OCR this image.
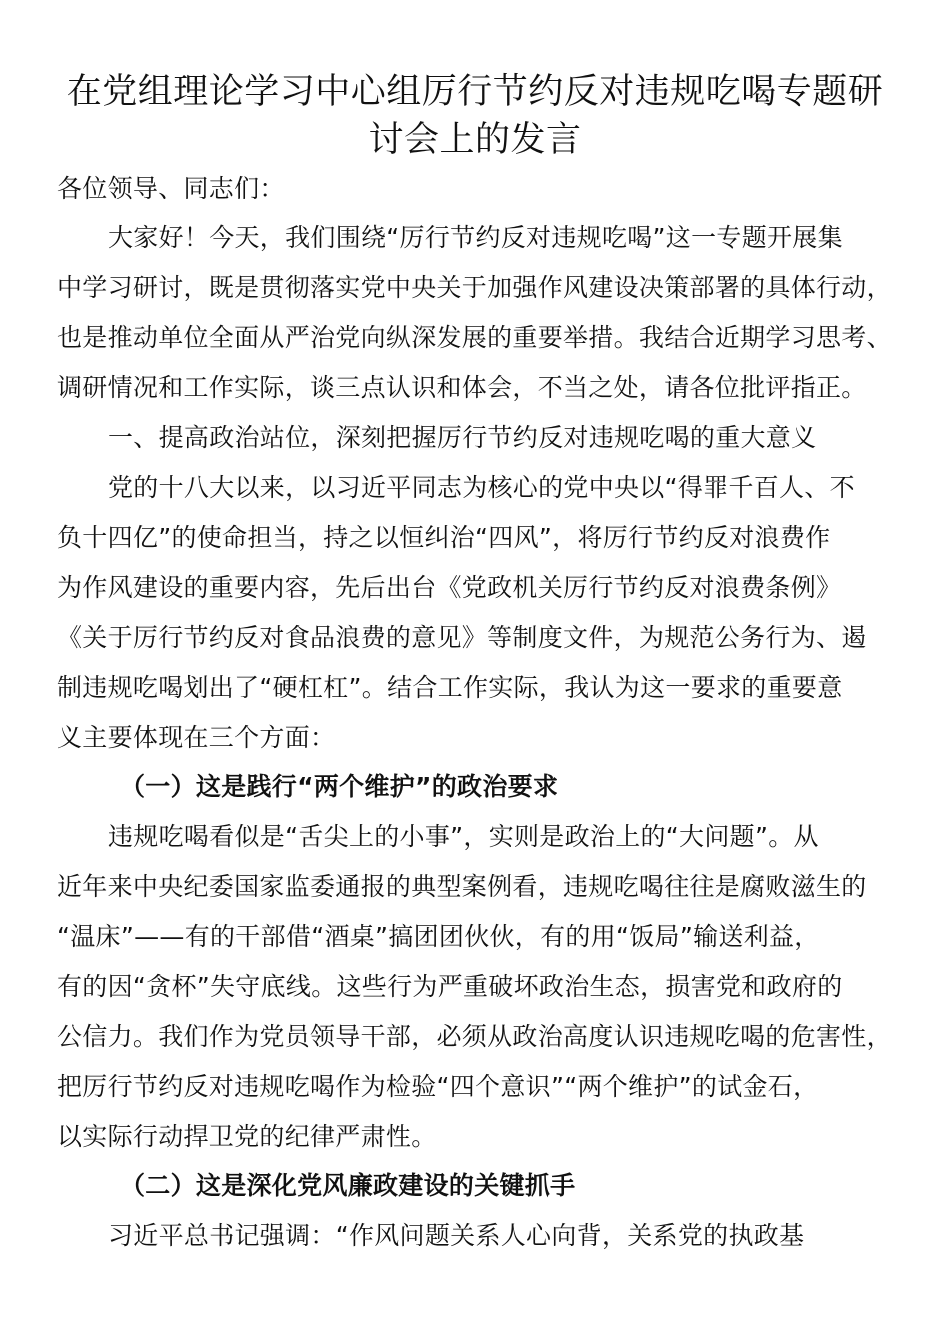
在党组理论学习中心组厉行节约反对违规吃喝专题研
讨会上的发言
各位领导、同志们：
大家好！今天，我们围绕“厉行节约反对违规吃喝”这一专题开展集
中学习研讨，既是贯彻落实党中央关于加强作风建设决策部署的具体行动，
也是推动单位全面从严治党向纵深发展的重要举措。我结合近期学习思考、
调研情况和工作实际，谈三点认识和体会，不当之处，请各位批评指正。
一、提高政治站位，深刻把握厉行节约反对违规吃喝的重大意义
党的十八大以来，以习近平同志为核心的党中央以“得罪千百人、不
负十四亿”的使命担当，持之以恒纠治“四风”，将厉行节约反对浪费作
为作风建设的重要内容，先后出台《党政机关厉行节约反对浪费条例》
《关于厉行节约反对食品浪费的意见》等制度文件，为规范公务行为、遏
制违规吃喝划出了“硬杠杠”。结合工作实际，我认为这一要求的重要意
义主要体现在三个方面：
（一）这是践行“两个维护”的政治要求
违规吃喝看似是“舌尖上的小事”，实则是政治上的“大问题”。从
近年来中央纪委国家监委通报的典型案例看，违规吃喝往往是腐败滋生的
“温床”——有的干部借“酒桌”搞团团伙伙，有的用“饭局”输送利益，
有的因“贪杯”失守底线。这些行为严重破坏政治生态，损害党和政府的
公信力。我们作为党员领导干部，必须从政治高度认识违规吃喝的危害性，
把厉行节约反对违规吃喝作为检验“四个意识”“两个维护”的试金石，
以实际行动捍卫党的纪律严肃性。
（二）这是深化党风廉政建设的关键抓手
习近平总书记强调：“作风问题关系人心向背，关系党的执政基
